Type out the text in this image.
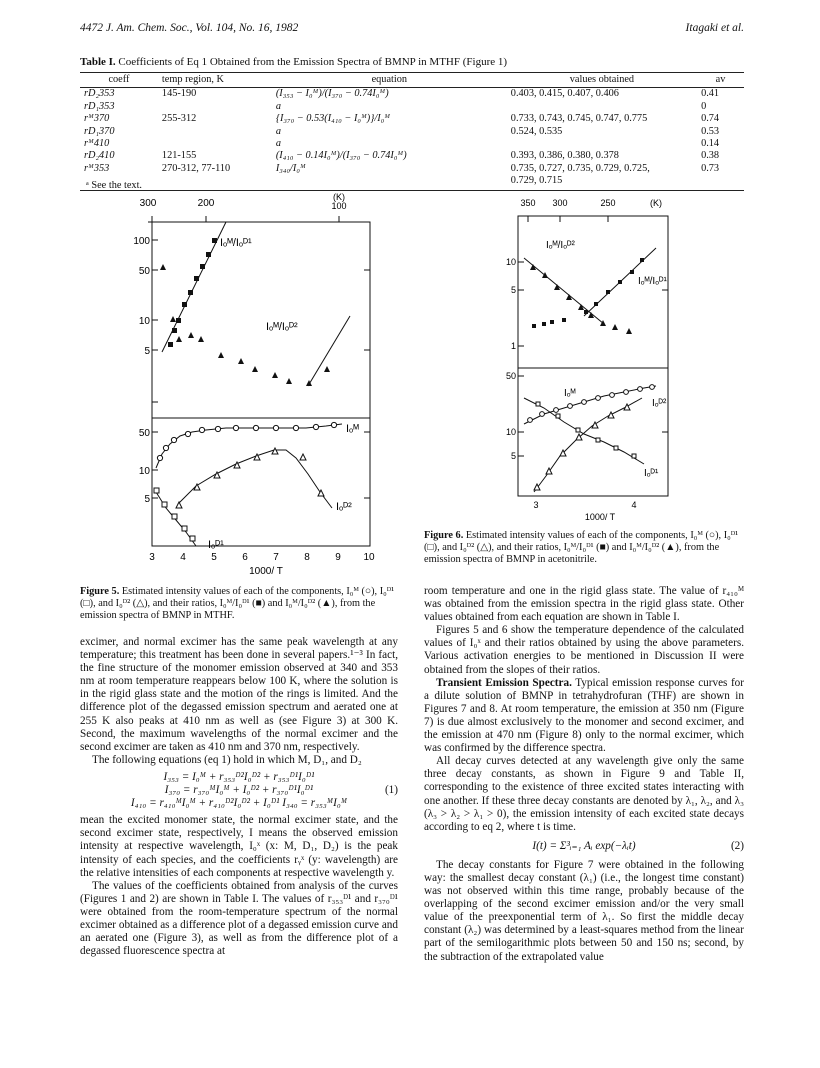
4472 J. Am. Chem. Soc., Vol. 104, No. 16, 1982	Itagaki et al.
Table I. Coefficients of Eq 1 Obtained from the Emission Spectra of BMNP in MTHF (Figure 1)
coeff	temp region, K	equation	values obtained	av
rD₂353	145-190	(I₃₅₃ − I₀ᴹ)/(I₃₇₀ − 0.74I₀ᴹ)	0.403, 0.415, 0.407, 0.406	0.41
rD₁353		a		0
rᴹ370	255-312	{I₃₇₀ − 0.53(I₄₁₀ − I₀ᴹ)}/I₀ᴹ	0.733, 0.743, 0.745, 0.747, 0.775	0.74
rD₁370		a	0.524, 0.535	0.53
rᴹ410		a		0.14
rD₂410	121-155	(I₄₁₀ − 0.14I₀ᴹ)/(I₃₇₀ − 0.74I₀ᴹ)	0.393, 0.386, 0.380, 0.378	0.38
rᴹ353	270-312, 77-110	I₃₄₀/I₀ᴹ	0.735, 0.727, 0.735, 0.729, 0.725,	0.73
			0.729, 0.715	
ᵃ See the text.
300	200
(K)
100
100
50
10
5
50
10
5
3	4	5	6	7	8	9 10
1000/ T
Iₒᴹ/Iₒᴰ¹
Iₒᴹ/Iₒᴰ²
Iₒᴹ
Iₒᴰ²
Iₒᴰ¹
Figure 5. Estimated intensity values of each of the components, I₀ᴹ (○), I₀ᴰ¹ (□), and I₀ᴰ² (△), and their ratios, I₀ᴹ/I₀ᴰ¹ (■) and I₀ᴹ/I₀ᴰ² (▲), from the emission spectra of BMNP in MTHF.
350 300	250	(K)
10
5
1
50
10
5
3	4
1000/ T
Iₒᴹ/Iₒᴰ²
Iₒᴹ/Iₒᴰ¹
Iₒᴹ
Iₒᴰ²
Iₒᴰ¹
Figure 6. Estimated intensity values of each of the components, I₀ᴹ (○), I₀ᴰ¹ (□), and I₀ᴰ² (△), and their ratios, I₀ᴹ/I₀ᴰ¹ (■) and I₀ᴹ/I₀ᴰ² (▲), from the emission spectra of BMNP in acetonitrile.

excimer, and normal excimer has the same peak wavelength at any temperature; this treatment has been done in several papers.¹⁻³ In fact, the fine structure of the monomer emission observed at 340 and 353 nm at room temperature reappears below 100 K, where the solution is in the rigid glass state and the motion of the rings is limited. And the difference plot of the degassed emission spectrum and aerated one at 255 K also peaks at 410 nm as well as (see Figure 3) at 300 K. Second, the maximum wavelengths of the normal excimer and the second excimer are taken as 410 nm and 370 nm, respectively.

The following equations (eq 1) hold in which M, D₁, and D₂

I₃₅₃ = I₀ᴹ + r₃₅₃ᴰ²I₀ᴰ² + r₃₅₃ᴰ¹I₀ᴰ¹
I₃₇₀ = r₃₇₀ᴹI₀ᴹ + I₀ᴰ² + r₃₇₀ᴰ¹I₀ᴰ¹	(1)
I₄₁₀ = r₄₁₀ᴹI₀ᴹ + r₄₁₀ᴰ²I₀ᴰ² + I₀ᴰ¹ I₃₄₀ = r₃₅₃ᴹI₀ᴹ

mean the excited monomer state, the normal excimer state, and the second excimer state, respectively, I means the observed emission intensity at respective wavelength, I₀ˣ (x: M, D₁, D₂) is the peak intensity of each species, and the coefficients rᵧˣ (y: wavelength) are the relative intensities of each components at respective wavelength y.

The values of the coefficients obtained from analysis of the curves (Figures 1 and 2) are shown in Table I. The values of r₃₅₃ᴰ¹ and r₃₇₀ᴰ¹ were obtained from the room-temperature spectrum of the normal excimer obtained as a difference plot of a degassed emission curve and an aerated one (Figure 3), as well as from the difference plot of a degassed fluorescence spectra at

room temperature and one in the rigid glass state. The value of r₄₁₀ᴹ was obtained from the emission spectra in the rigid glass state. Other values obtained from each equation are shown in Table I.

Figures 5 and 6 show the temperature dependence of the calculated values of I₀ˣ and their ratios obtained by using the above parameters. Various activation energies to be mentioned in Discussion II were obtained from the slopes of their ratios.

Transient Emission Spectra. Typical emission response curves for a dilute solution of BMNP in tetrahydrofuran (THF) are shown in Figures 7 and 8. At room temperature, the emission at 350 nm (Figure 7) is due almost exclusively to the monomer and second excimer, and the emission at 470 nm (Figure 8) only to the normal excimer, which was confirmed by the difference spectra.

All decay curves detected at any wavelength give only the same three decay constants, as shown in Figure 9 and Table II, corresponding to the existence of three excited states interacting with one another. If these three decay constants are denoted by λ₁, λ₂, and λ₃ (λ₃ > λ₂ > λ₁ > 0), the emission intensity of each excited state decays according to eq 2, where t is time.

I(t) = Σ³ᵢ₌₁ Aᵢ exp(−λᵢt)	(2)

The decay constants for Figure 7 were obtained in the following way: the smallest decay constant (λ₁) (i.e., the longest time constant) was not observed within this time range, probably because of the overlapping of the second excimer emission and/or the very small value of the preexponential term of λ₁. So first the middle decay constant (λ₂) was determined by a least-squares method from the linear part of the semilogarithmic plots between 50 and 150 ns; second, by the subtraction of the extrapolated value
